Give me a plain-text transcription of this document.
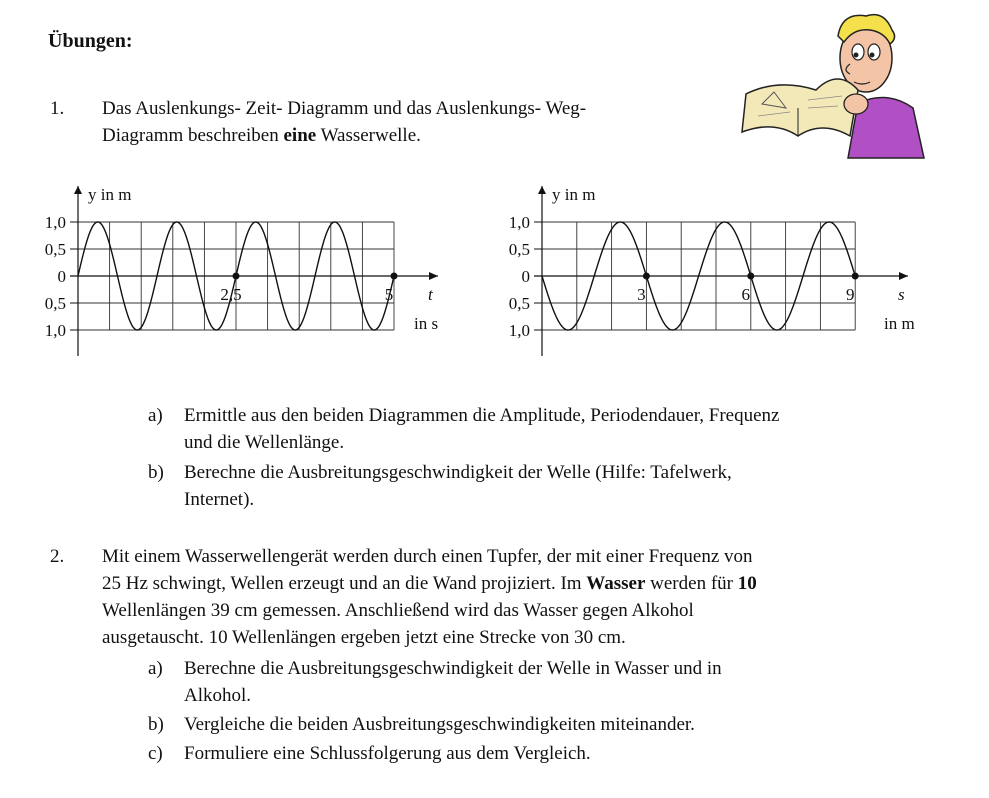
Übungen:
1.	Das Auslenkungs- Zeit- Diagramm und das Auslenkungs- Weg-
Diagramm beschreiben eine Wasserwelle.
1,0
0,5
0
0,5
1,0
y in m
t
in s
2,5	5
1,0
0,5
0
0,5
1,0
y in m
s
in m
3	6	9
a)	Ermittle aus den beiden Diagrammen die Amplitude, Periodendauer, Frequenz
und die Wellenlänge.
b)	Berechne die Ausbreitungsgeschwindigkeit der Welle (Hilfe: Tafelwerk,
Internet).
2.	Mit einem Wasserwellengerät werden durch einen Tupfer, der mit einer Frequenz von
25 Hz schwingt, Wellen erzeugt und an die Wand projiziert. Im Wasser werden für 10
Wellenlängen 39 cm gemessen. Anschließend wird das Wasser gegen Alkohol
ausgetauscht. 10 Wellenlängen ergeben jetzt eine Strecke von 30 cm.
a)	Berechne die Ausbreitungsgeschwindigkeit der Welle in Wasser und in
Alkohol.
b)	Vergleiche die beiden Ausbreitungsgeschwindigkeiten miteinander.
c)	Formuliere eine Schlussfolgerung aus dem Vergleich.
